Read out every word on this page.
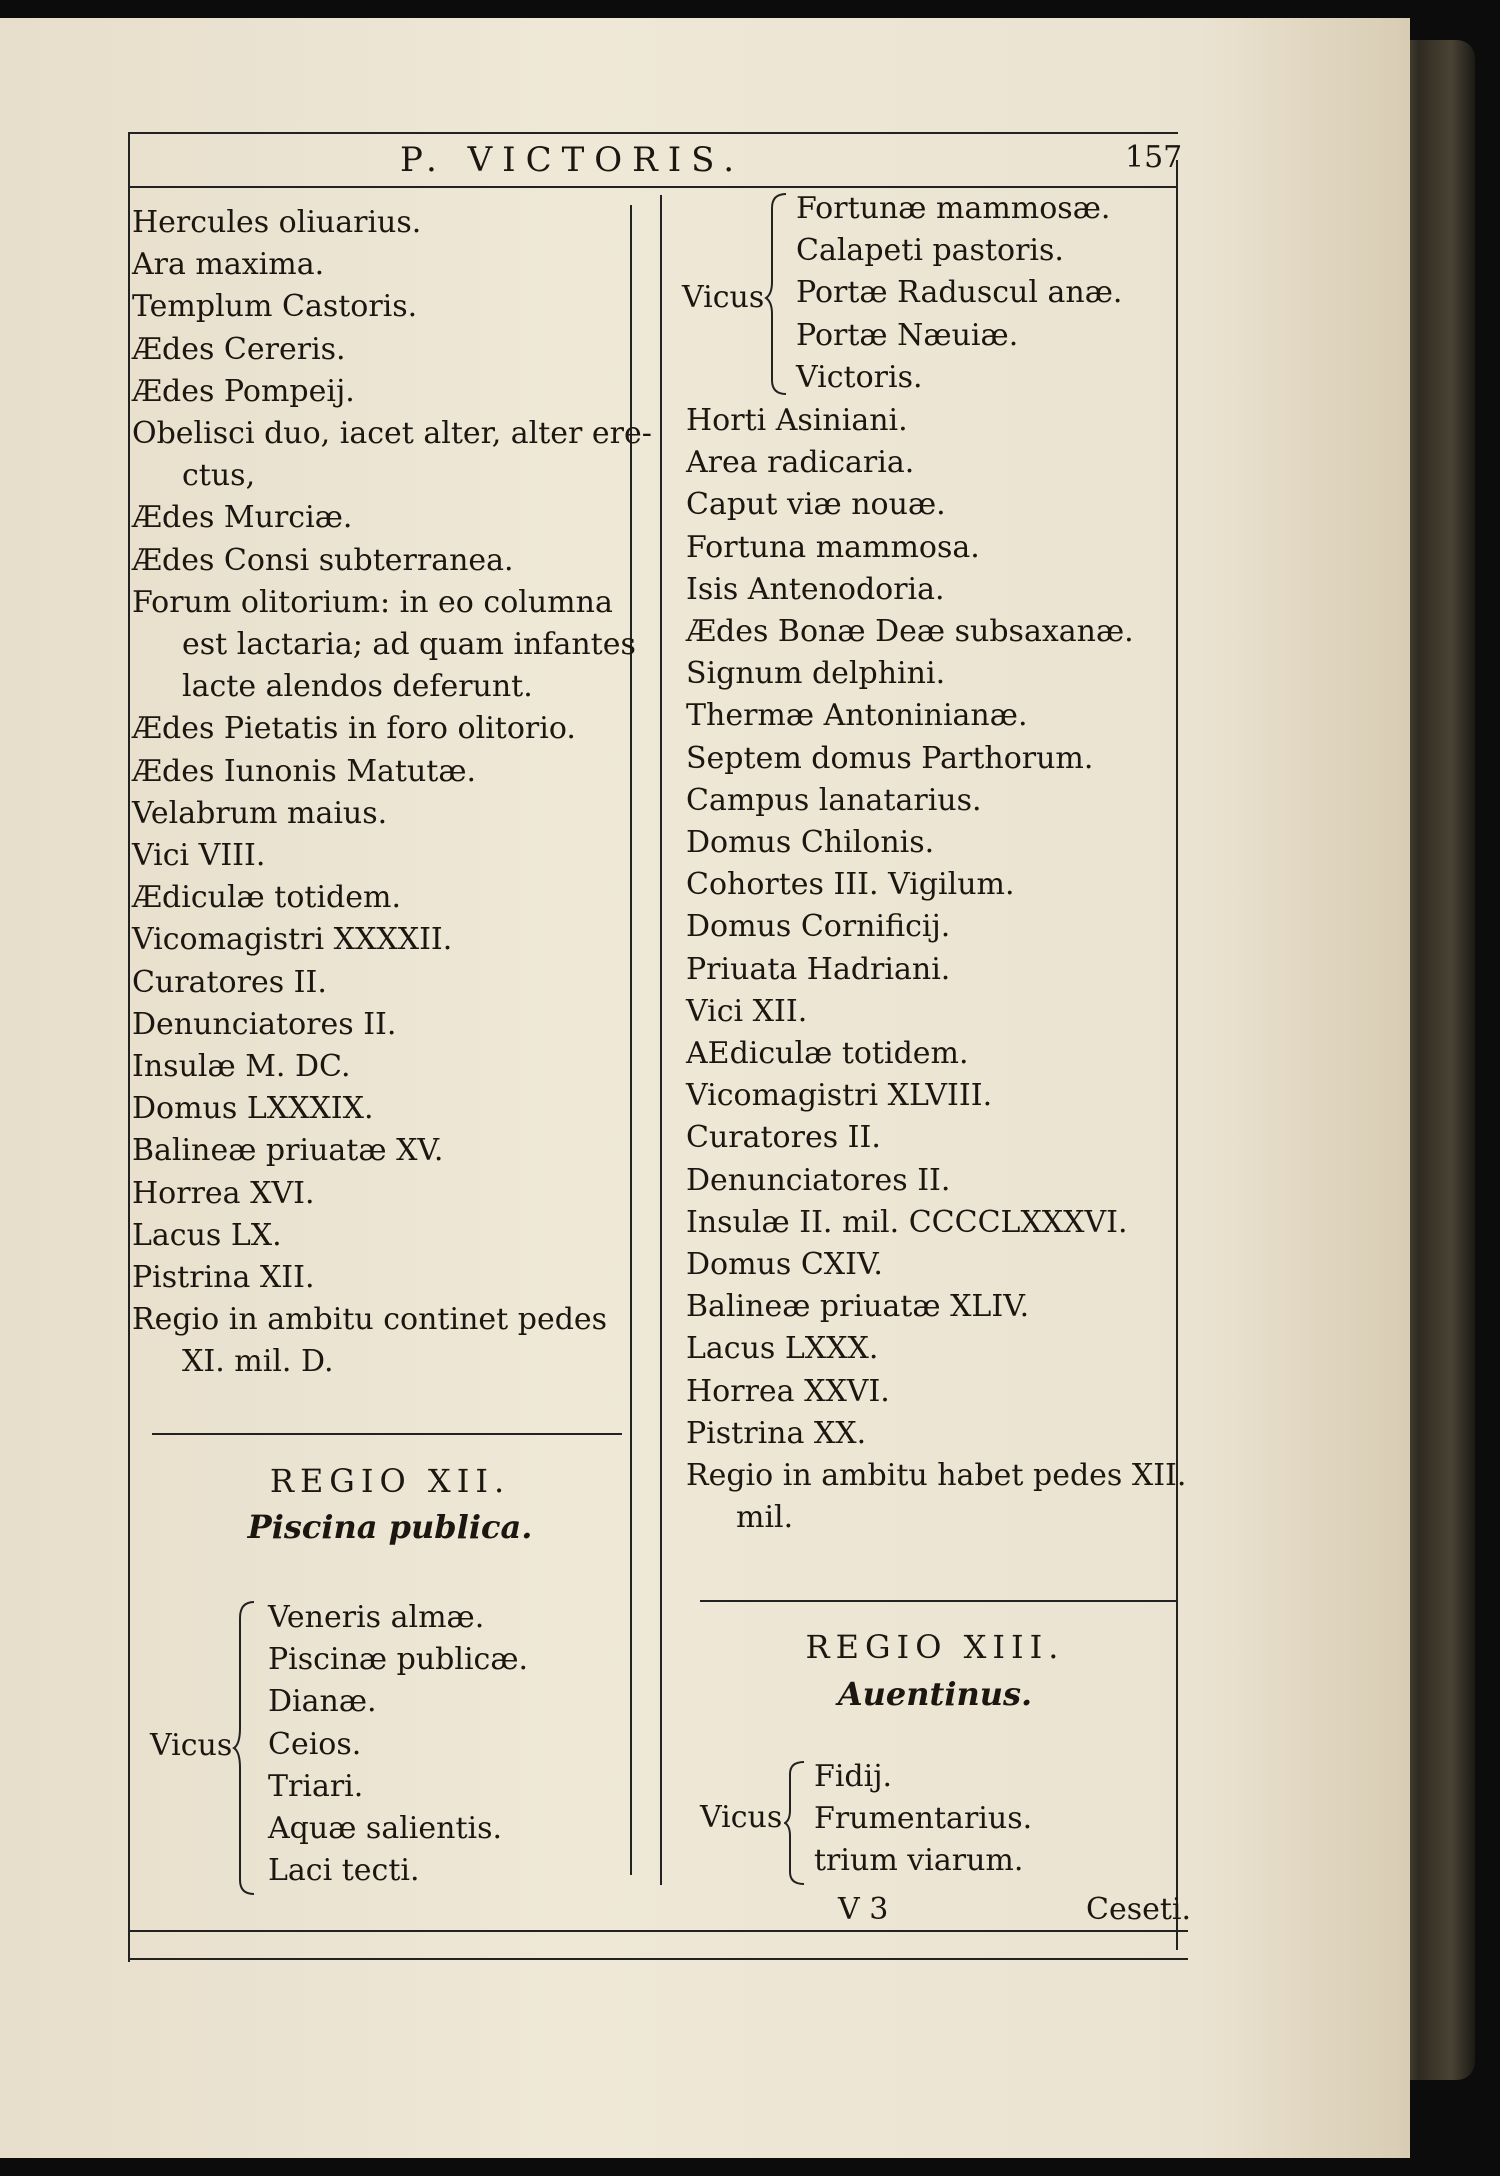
P. VICTORIS.	157
Hercules oliuarius.
Ara maxima.
Templum Castoris.
Ædes Cereris.
Ædes Pompeij.
Obelisci duo, iacet alter, alter ere-
ctus,
Ædes Murciæ.
Ædes Consi subterranea.
Forum olitorium: in eo columna
est lactaria; ad quam infantes
lacte alendos deferunt.
Ædes Pietatis in foro olitorio.
Ædes Iunonis Matutæ.
Velabrum maius.
Vici VIII.
Ædiculæ totidem.
Vicomagistri XXXXII.
Curatores II.
Denunciatores II.
Insulæ M. DC.
Domus LXXXIX.
Balineæ priuatæ XV.
Horrea XVI.
Lacus LX.
Pistrina XII.
Regio in ambitu continet pedes
XI. mil. D.
REGIO XII.
Piscina publica.
Vicus
Veneris almæ.
Piscinæ publicæ.
Dianæ.
Ceios.
Triari.
Aquæ salientis.
Laci tecti.
Vicus
Fortunæ mammosæ.
Calapeti pastoris.
Portæ Raduscul anæ.
Portæ Næuiæ.
Victoris.
Horti Asiniani.
Area radicaria.
Caput viæ nouæ.
Fortuna mammosa.
Isis Antenodoria.
Ædes Bonæ Deæ subsaxanæ.
Signum delphini.
Thermæ Antoninianæ.
Septem domus Parthorum.
Campus lanatarius.
Domus Chilonis.
Cohortes III. Vigilum.
Domus Cornificij.
Priuata Hadriani.
Vici XII.
AEdiculæ totidem.
Vicomagistri XLVIII.
Curatores II.
Denunciatores II.
Insulæ II. mil. CCCCLXXXVI.
Domus CXIV.
Balineæ priuatæ XLIV.
Lacus LXXX.
Horrea XXVI.
Pistrina XX.
Regio in ambitu habet pedes XII.
mil.
REGIO XIII.
Auentinus.
Vicus
Fidij.
Frumentarius.
trium viarum.
V 3	Ceseti.
